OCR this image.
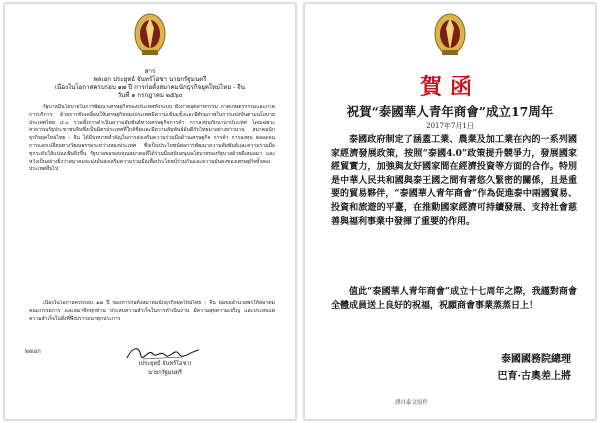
สาร
พลเอก ประยุทธ์ จันทร์โอชา นายกรัฐมนตรี
เนื่องในโอกาสครบรอบ ๑๗ ปี การก่อตั้งสมาคมนักธุรกิจยุคใหม่ไทย - จีน
วันที่ ๑ กรกฎาคม ๒๕๖๐

รัฐบาลมีนโยบายในการพัฒนาเศรษฐกิจของประเทศทั้งระบบ ทั้งภาคอุตสาหกรรม ภาคเกษตรกรรมและภาคการบริการ ด้วยการขับเคลื่อนให้เศรษฐกิจของประเทศมีความเข้มแข็งและมีศักยภาพในการแข่งขันตามนโยบายประเทศไทย ๔.๐ รวมทั้งการดำเนินความสัมพันธ์ทางเศรษฐกิจการค้า การลงทุนกับนานาประเทศ โดยเฉพาะสาธารณรัฐประชาชนจีนซึ่งเป็นมิตรประเทศที่ใกล้ชิดและมีความสัมพันธ์อันดีกับไทยมาอย่างยาวนาน สมาคมนักธุรกิจยุคใหม่ไทย - จีน ได้มีบทบาทสำคัญในการส่งเสริมความร่วมมือด้านเศรษฐกิจ การค้า การลงทุน ตลอดจนการแลกเปลี่ยนทางวัฒนธรรมระหว่างสองประเทศ ซึ่งเป็นประโยชน์ต่อการพัฒนาความสัมพันธ์และความร่วมมือทุกระดับให้แน่นแฟ้นยิ่งขึ้น รัฐบาลขอขอบคุณสมาคมที่ได้ร่วมมือสนับสนุนนโยบายของรัฐบาลด้วยดีเสมอมา และหวังเป็นอย่างยิ่งว่าสมาคมจะมุ่งมั่นส่งเสริมความร่วมมือเพื่อประโยชน์ร่วมกันและความมั่นคงของเศรษฐกิจทั้งสองประเทศสืบไป

เนื่องในโอกาสครบรอบ ๑๗ ปี ของการก่อตั้งสมาคมนักธุรกิจยุคใหม่ไทย - จีน ผมขออำนวยพรให้สมาคม คณะกรรมการ และสมาชิกทุกท่าน ประสบความสำเร็จในการดำเนินงาน มีความสุขความเจริญ และประสบแต่ความสำเร็จในสิ่งที่พึงปรารถนาทุกประการ

พลเอก
(ประยุทธ์ จันทร์โอชา)
นายกรัฐมนตรี
賀函
祝賀“泰國華人青年商會”成立17周年
2017年7月1日

泰國政府制定了涵蓋工業、農業及加工業在內的一系列國家經濟發展政策，按照“泰國4.0”政策提升競爭力，發展國家經貿實力，加強與友好國家間在經濟投資等方面的合作。特別是中華人民共和國與泰王國之間有著悠久緊密的關係，且是重要的貿易夥伴，“泰國華人青年商會”作為促進泰中兩國貿易、投資和旅遊的平臺，在推動國家經濟可持續發展、支持社會慈善與福利事業中發揮了重要的作用。

值此“泰國華人青年商會”成立十七周年之際，我謹對商會全體成員送上良好的祝福，祝願商會事業蒸蒸日上！

泰國國務院總理
巴育·古奧差上將
譯自泰文原件
